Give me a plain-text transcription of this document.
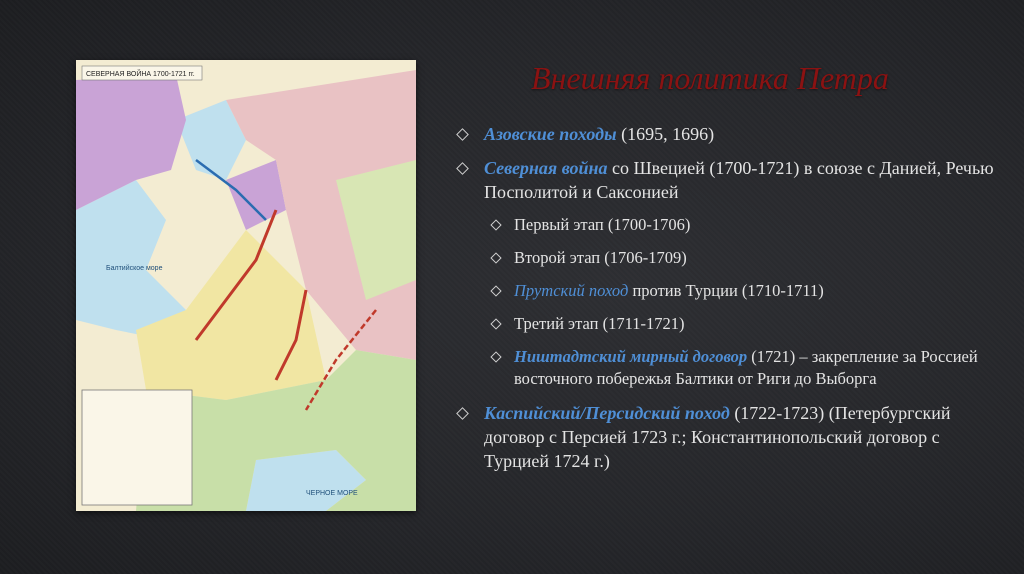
Внешняя политика Петра
СЕВЕРНАЯ ВОЙНА 1700-1721 гг.
Балтийское море
ЧЕРНОЕ МОРЕ
Азовские походы (1695, 1696)
Северная война со Швецией (1700-1721) в союзе с Данией, Речью Посполитой и Саксонией
Первый этап (1700-1706)
Второй этап (1706-1709)
Прутский поход против Турции (1710-1711)
Третий этап (1711-1721)
Ништадтский мирный договор (1721) – закрепление за Россией восточного побережья Балтики от Риги до Выборга
Каспийский/Персидский поход (1722-1723) (Петербургский договор с Персией 1723 г.; Константинопольский договор с Турцией 1724 г.)
